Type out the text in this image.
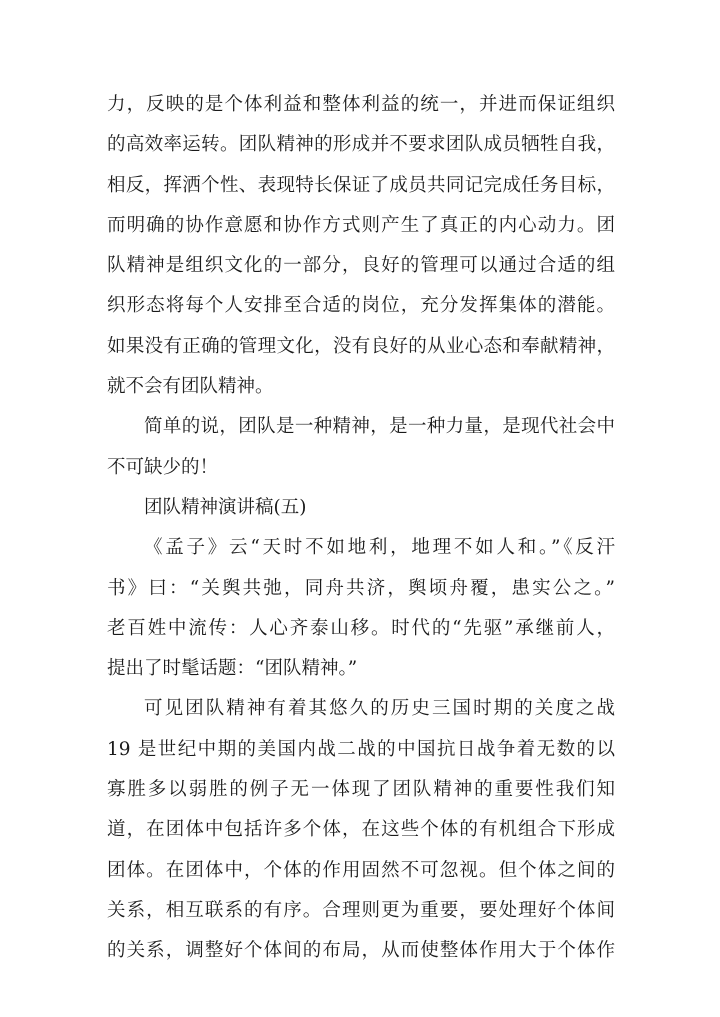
力，反映的是个体利益和整体利益的统一，并进而保证组织
的高效率运转。团队精神的形成并不要求团队成员牺牲自我，
相反，挥洒个性、表现特长保证了成员共同记完成任务目标，
而明确的协作意愿和协作方式则产生了真正的内心动力。团
队精神是组织文化的一部分，良好的管理可以通过合适的组
织形态将每个人安排至合适的岗位，充分发挥集体的潜能。
如果没有正确的管理文化，没有良好的从业心态和奉献精神，
就不会有团队精神。
简单的说，团队是一种精神，是一种力量，是现代社会中
不可缺少的！
团队精神演讲稿(五)
《孟子》云“天时不如地利，地理不如人和。”《反汗
书》曰：“关舆共弛，同舟共济，舆顷舟覆，患实公之。”
老百姓中流传：人心齐泰山移。时代的“先驱”承继前人，
提出了时髦话题：“团队精神。”
可见团队精神有着其悠久的历史三国时期的关度之战
19 是世纪中期的美国内战二战的中国抗日战争着无数的以
寡胜多以弱胜的例子无一体现了团队精神的重要性我们知
道，在团体中包括许多个体，在这些个体的有机组合下形成
团体。在团体中，个体的作用固然不可忽视。但个体之间的
关系，相互联系的有序。合理则更为重要，要处理好个体间
的关系，调整好个体间的布局，从而使整体作用大于个体作
